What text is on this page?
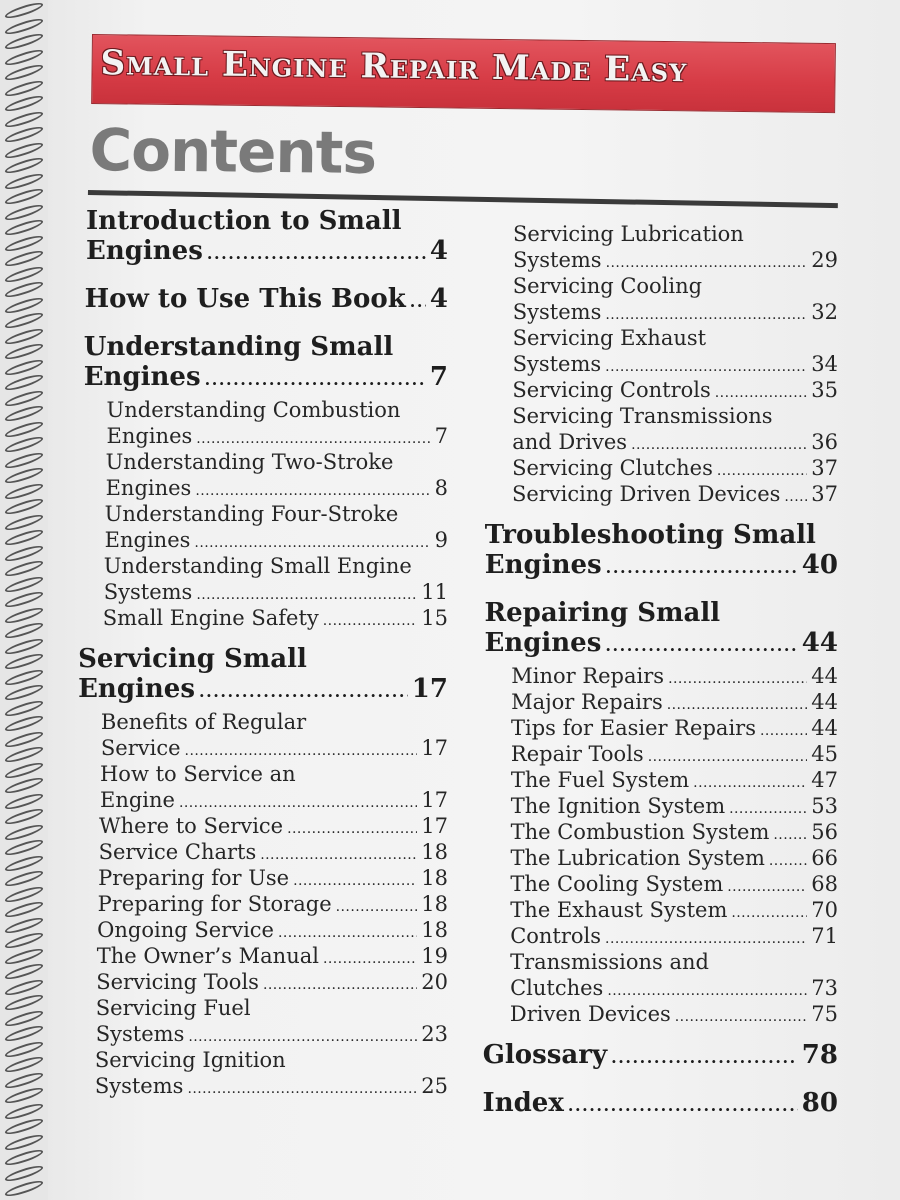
Small Engine Repair Made Easy
Contents
Introduction to Small
Engines . . .	4
How to Use This Book . . . 4
Understanding Small
Engines . . .	7
Understanding Combustion
Engines . . .	7
Understanding Two-Stroke
Engines . . .	8
Understanding Four-Stroke
Engines . . .	9
Understanding Small Engine
Systems . . .	11
Small Engine Safety . . .	15
Servicing Small
Engines . . .	17
Benefits of Regular
Service . . .	17
How to Service an
Engine . . .	17
Where to Service . . .	17
Service Charts . . .	18
Preparing for Use . . .	18
Preparing for Storage . . .	18
Ongoing Service . . .	18
The Owner’s Manual . . .	19
Servicing Tools . . .	20
Servicing Fuel
Systems . . .	23
Servicing Ignition
Systems . . .	25
Servicing Lubrication
Systems . . .	29
Servicing Cooling
Systems . . .	32
Servicing Exhaust
Systems . . .	34
Servicing Controls . . .	35
Servicing Transmissions
and Drives . . .	36
Servicing Clutches . . .	37
Servicing Driven Devices . . . 37
Troubleshooting Small
Engines . . .	40
Repairing Small
Engines . . .	44
Minor Repairs . . .	44
Major Repairs . . .	44
Tips for Easier Repairs . . .	44
Repair Tools . . .	45
The Fuel System . . .	47
The Ignition System . . .	53
The Combustion System . . . 56
The Lubrication System . . . 66
The Cooling System . . .	68
The Exhaust System . . .	70
Controls . . .	71
Transmissions and
Clutches . . .	73
Driven Devices . . .	75
Glossary . . .	78
Index . . .	80
